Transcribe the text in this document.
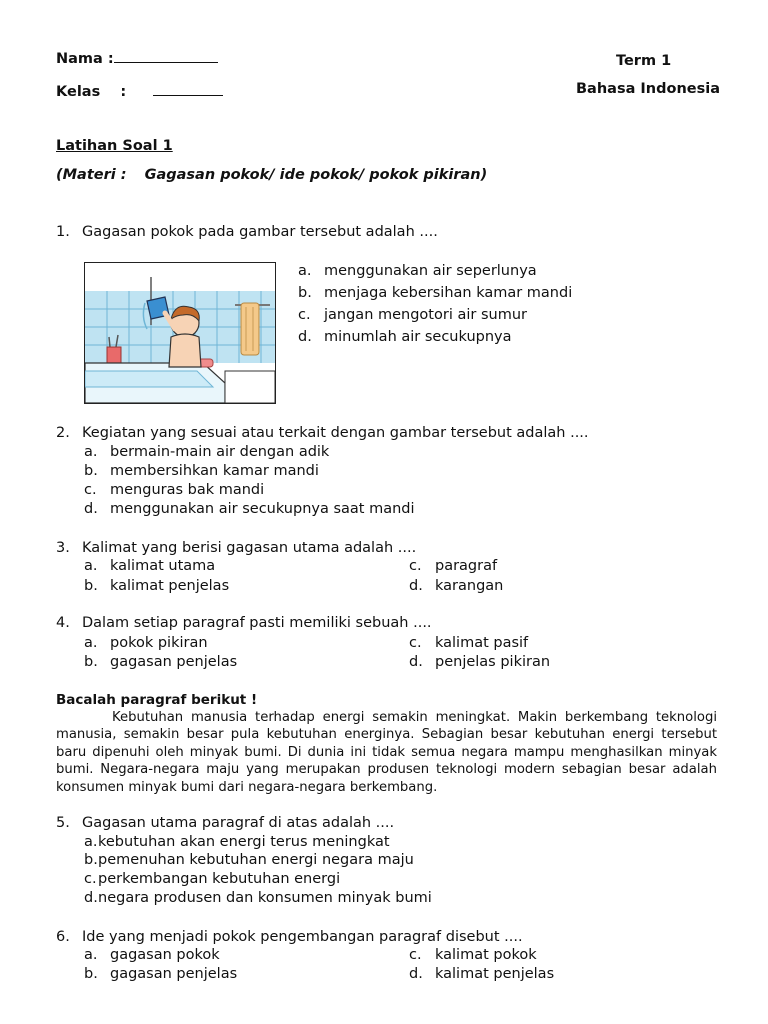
Nama :
Kelas :
Term 1
Bahasa Indonesia
Latihan Soal 1
(Materi : Gagasan pokok/ ide pokok/ pokok pikiran)
1. Gagasan pokok pada gambar tersebut adalah ....
a. menggunakan air seperlunya
b. menjaga kebersihan kamar mandi
c. jangan mengotori air sumur
d. minumlah air secukupnya
2. Kegiatan yang sesuai atau terkait dengan gambar tersebut adalah ....
a. bermain-main air dengan adik
b. membersihkan kamar mandi
c. menguras bak mandi
d. menggunakan air secukupnya saat mandi
3. Kalimat yang berisi gagasan utama adalah ....
a. kalimat utama
b. kalimat penjelas
c. paragraf
d. karangan
4. Dalam setiap paragraf pasti memiliki sebuah ....
a. pokok pikiran
b. gagasan penjelas
c. kalimat pasif
d. penjelas pikiran
Bacalah paragraf berikut !
Kebutuhan manusia terhadap energi semakin meningkat. Makin berkembang teknologi manusia, semakin besar pula kebutuhan energinya. Sebagian besar kebutuhan energi tersebut baru dipenuhi oleh minyak bumi. Di dunia ini tidak semua negara mampu menghasilkan minyak bumi. Negara-negara maju yang merupakan produsen teknologi modern sebagian besar adalah konsumen minyak bumi dari negara-negara berkembang.
5. Gagasan utama paragraf di atas adalah ....
a.kebutuhan akan energi terus meningkat
b.pemenuhan kebutuhan energi negara maju
c.perkembangan kebutuhan energi
d.negara produsen dan konsumen minyak bumi
6. Ide yang menjadi pokok pengembangan paragraf disebut ....
a. gagasan pokok
b. gagasan penjelas
c. kalimat pokok
d. kalimat penjelas
